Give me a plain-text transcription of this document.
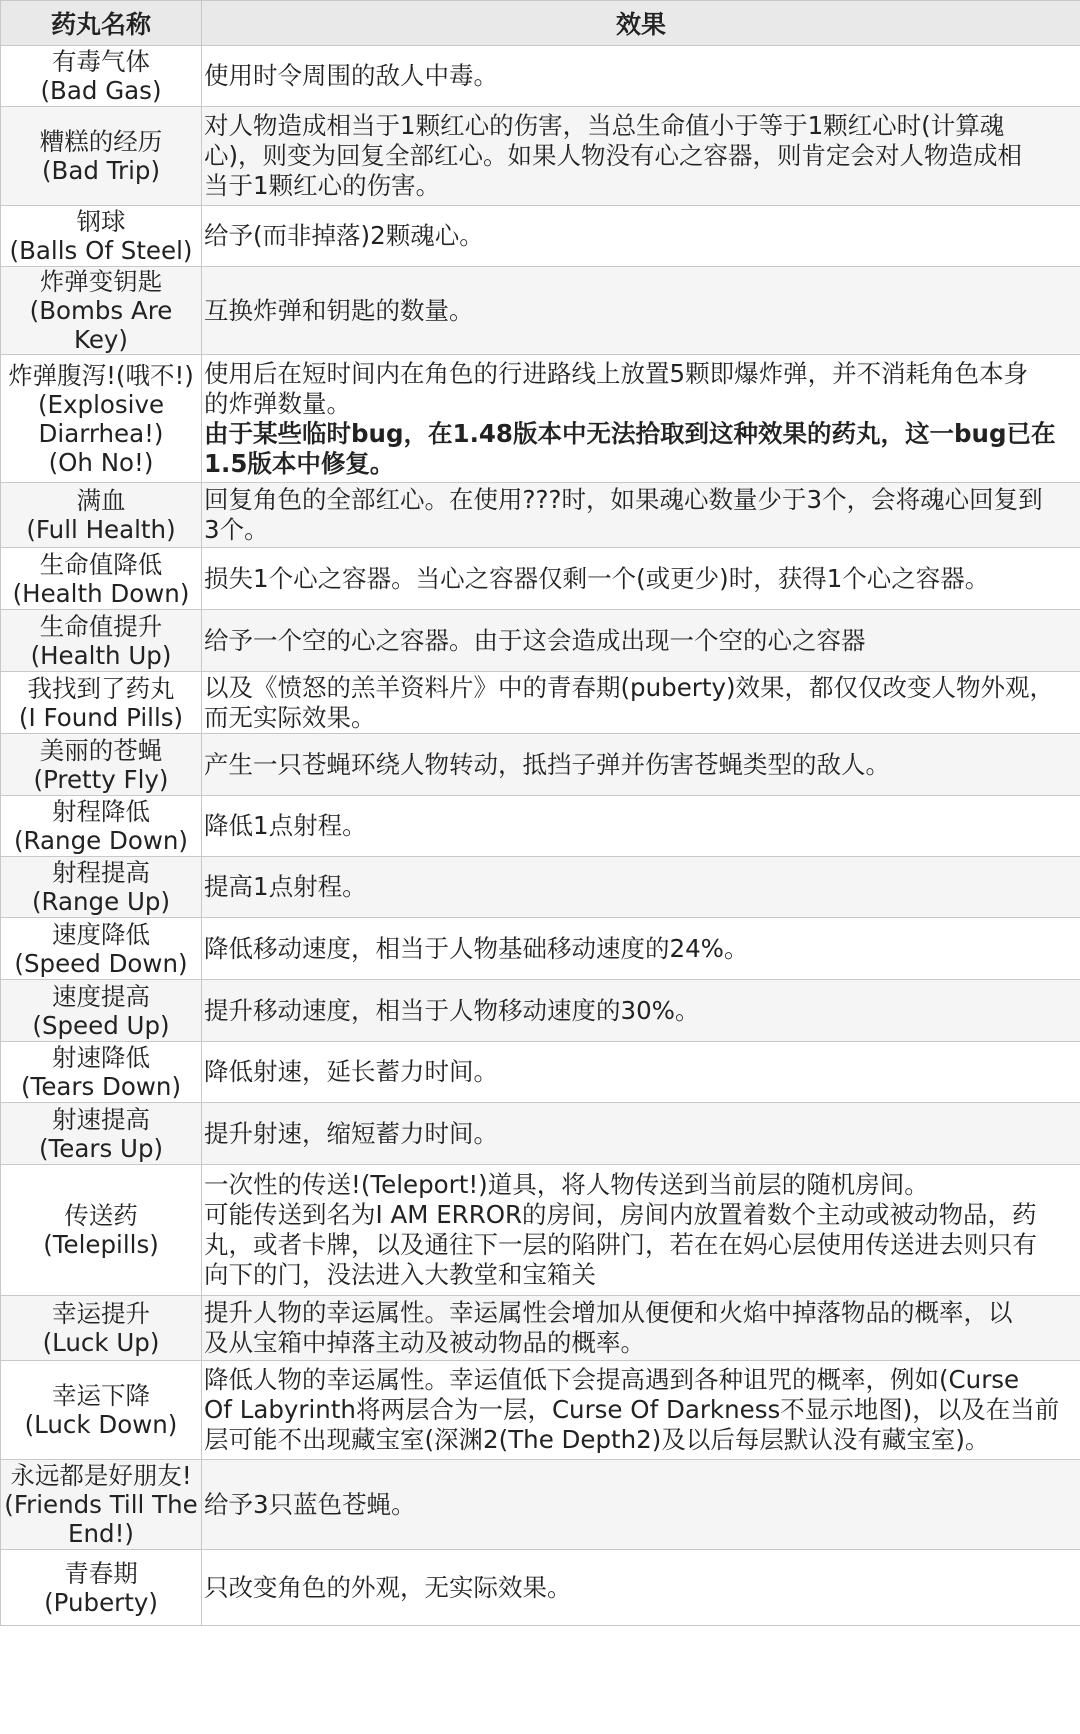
药丸名称	效果

有毒气体
(Bad Gas)	使用时令周围的敌人中毒。

糟糕的经历
(Bad Trip)	对人物造成相当于1颗红心的伤害，当总生命值小于等于1颗红心时(计算魂
心)，则变为回复全部红心。如果人物没有心之容器，则肯定会对人物造成相
当于1颗红心的伤害。

钢球
(Balls Of Steel)	给予(而非掉落)2颗魂心。

炸弹变钥匙
(Bombs Are Key)	互换炸弹和钥匙的数量。

炸弹腹泻!(哦不!)
(Explosive
Diarrhea!)
(Oh No!)	使用后在短时间内在角色的行进路线上放置5颗即爆炸弹，并不消耗角色本身
的炸弹数量。
由于某些临时bug，在1.48版本中无法拾取到这种效果的药丸，这一bug已在
1.5版本中修复。

满血
(Full Health)	回复角色的全部红心。在使用???时，如果魂心数量少于3个，会将魂心回复到
3个。

生命值降低
(Health Down)	损失1个心之容器。当心之容器仅剩一个(或更少)时，获得1个心之容器。

生命值提升
(Health Up)	给予一个空的心之容器。由于这会造成出现一个空的心之容器

我找到了药丸
(I Found Pills)	以及《愤怒的羔羊资料片》中的青春期(puberty)效果，都仅仅改变人物外观，
而无实际效果。

美丽的苍蝇
(Pretty Fly)	产生一只苍蝇环绕人物转动，抵挡子弹并伤害苍蝇类型的敌人。

射程降低
(Range Down)	降低1点射程。

射程提高
(Range Up)	提高1点射程。

速度降低
(Speed Down)	降低移动速度，相当于人物基础移动速度的24%。

速度提高
(Speed Up)	提升移动速度，相当于人物移动速度的30%。

射速降低
(Tears Down)	降低射速，延长蓄力时间。

射速提高
(Tears Up)	提升射速，缩短蓄力时间。

传送药
(Telepills)	一次性的传送!(Teleport!)道具，将人物传送到当前层的随机房间。
可能传送到名为I AM ERROR的房间，房间内放置着数个主动或被动物品，药
丸，或者卡牌，以及通往下一层的陷阱门，若在在妈心层使用传送进去则只有
向下的门，没法进入大教堂和宝箱关

幸运提升
(Luck Up)	提升人物的幸运属性。幸运属性会增加从便便和火焰中掉落物品的概率，以
及从宝箱中掉落主动及被动物品的概率。

幸运下降
(Luck Down)	降低人物的幸运属性。幸运值低下会提高遇到各种诅咒的概率，例如(Curse
Of Labyrinth将两层合为一层，Curse Of Darkness不显示地图)，以及在当前
层可能不出现藏宝室(深渊2(The Depth2)及以后每层默认没有藏宝室)。

永远都是好朋友!
(Friends Till The
End!)	给予3只蓝色苍蝇。

青春期
(Puberty)	只改变角色的外观，无实际效果。
